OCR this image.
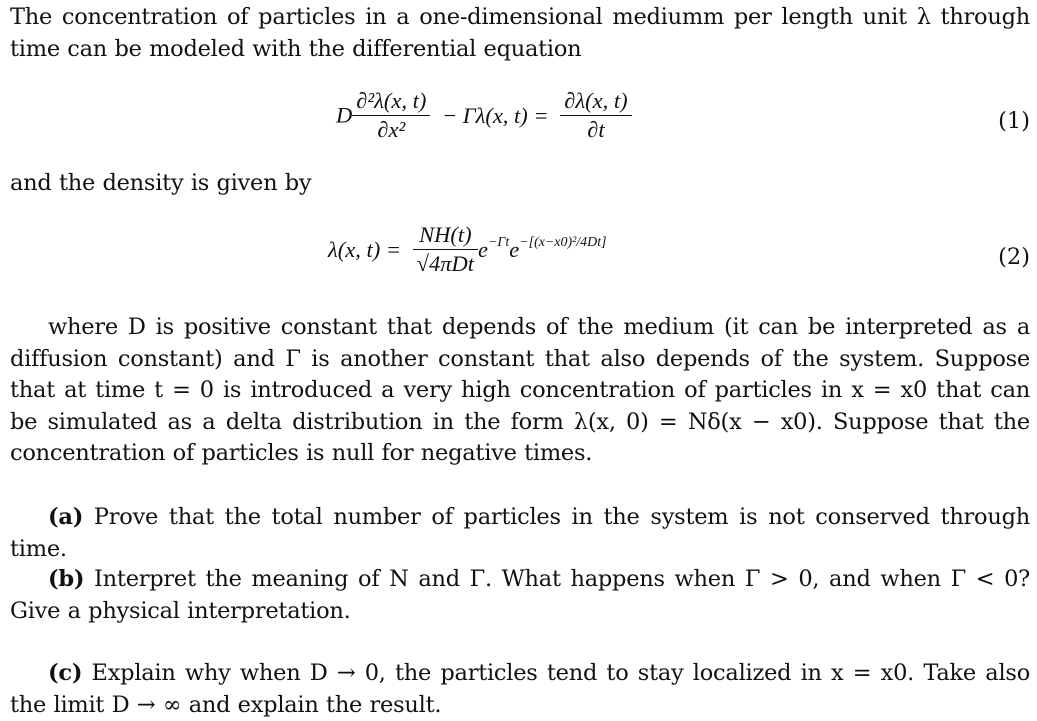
The concentration of particles in a one-dimensional mediumm per length unit λ through time can be modeled with the differential equation

D $\frac{\text{∂²λ(x, t)}}{\text{∂x²}} - \Gamma\lambda(x$, $t) = \frac{\partial\lambda(x, t)}{\partial t}$	(1)

and the density is given by

λ(x, $t) = \frac{NH(t)}{\text{√4πDt}} e^{-\Gamma t}e^{-[(x-x0)^2/4Dt]}$
(2)

where D is positive constant that depends of the medium (it can be interpreted as a diffusion constant) and Γ is another constant that also depends of the system. Suppose that at time t = 0 is introduced a very high concentration of particles in x = x0 that can be simulated as a delta distribution in the form λ(x, 0) = Nδ(x − x0). Suppose that the concentration of particles is null for negative times.

(a) Prove that the total number of particles in the system is not conserved through time.

(b) Interpret the meaning of N and Γ. What happens when Γ > 0, and when Γ < 0? Give a physical interpretation.

(c) Explain why when D → 0, the particles tend to stay localized in x = x0. Take also the limit D → ∞ and explain the result.
